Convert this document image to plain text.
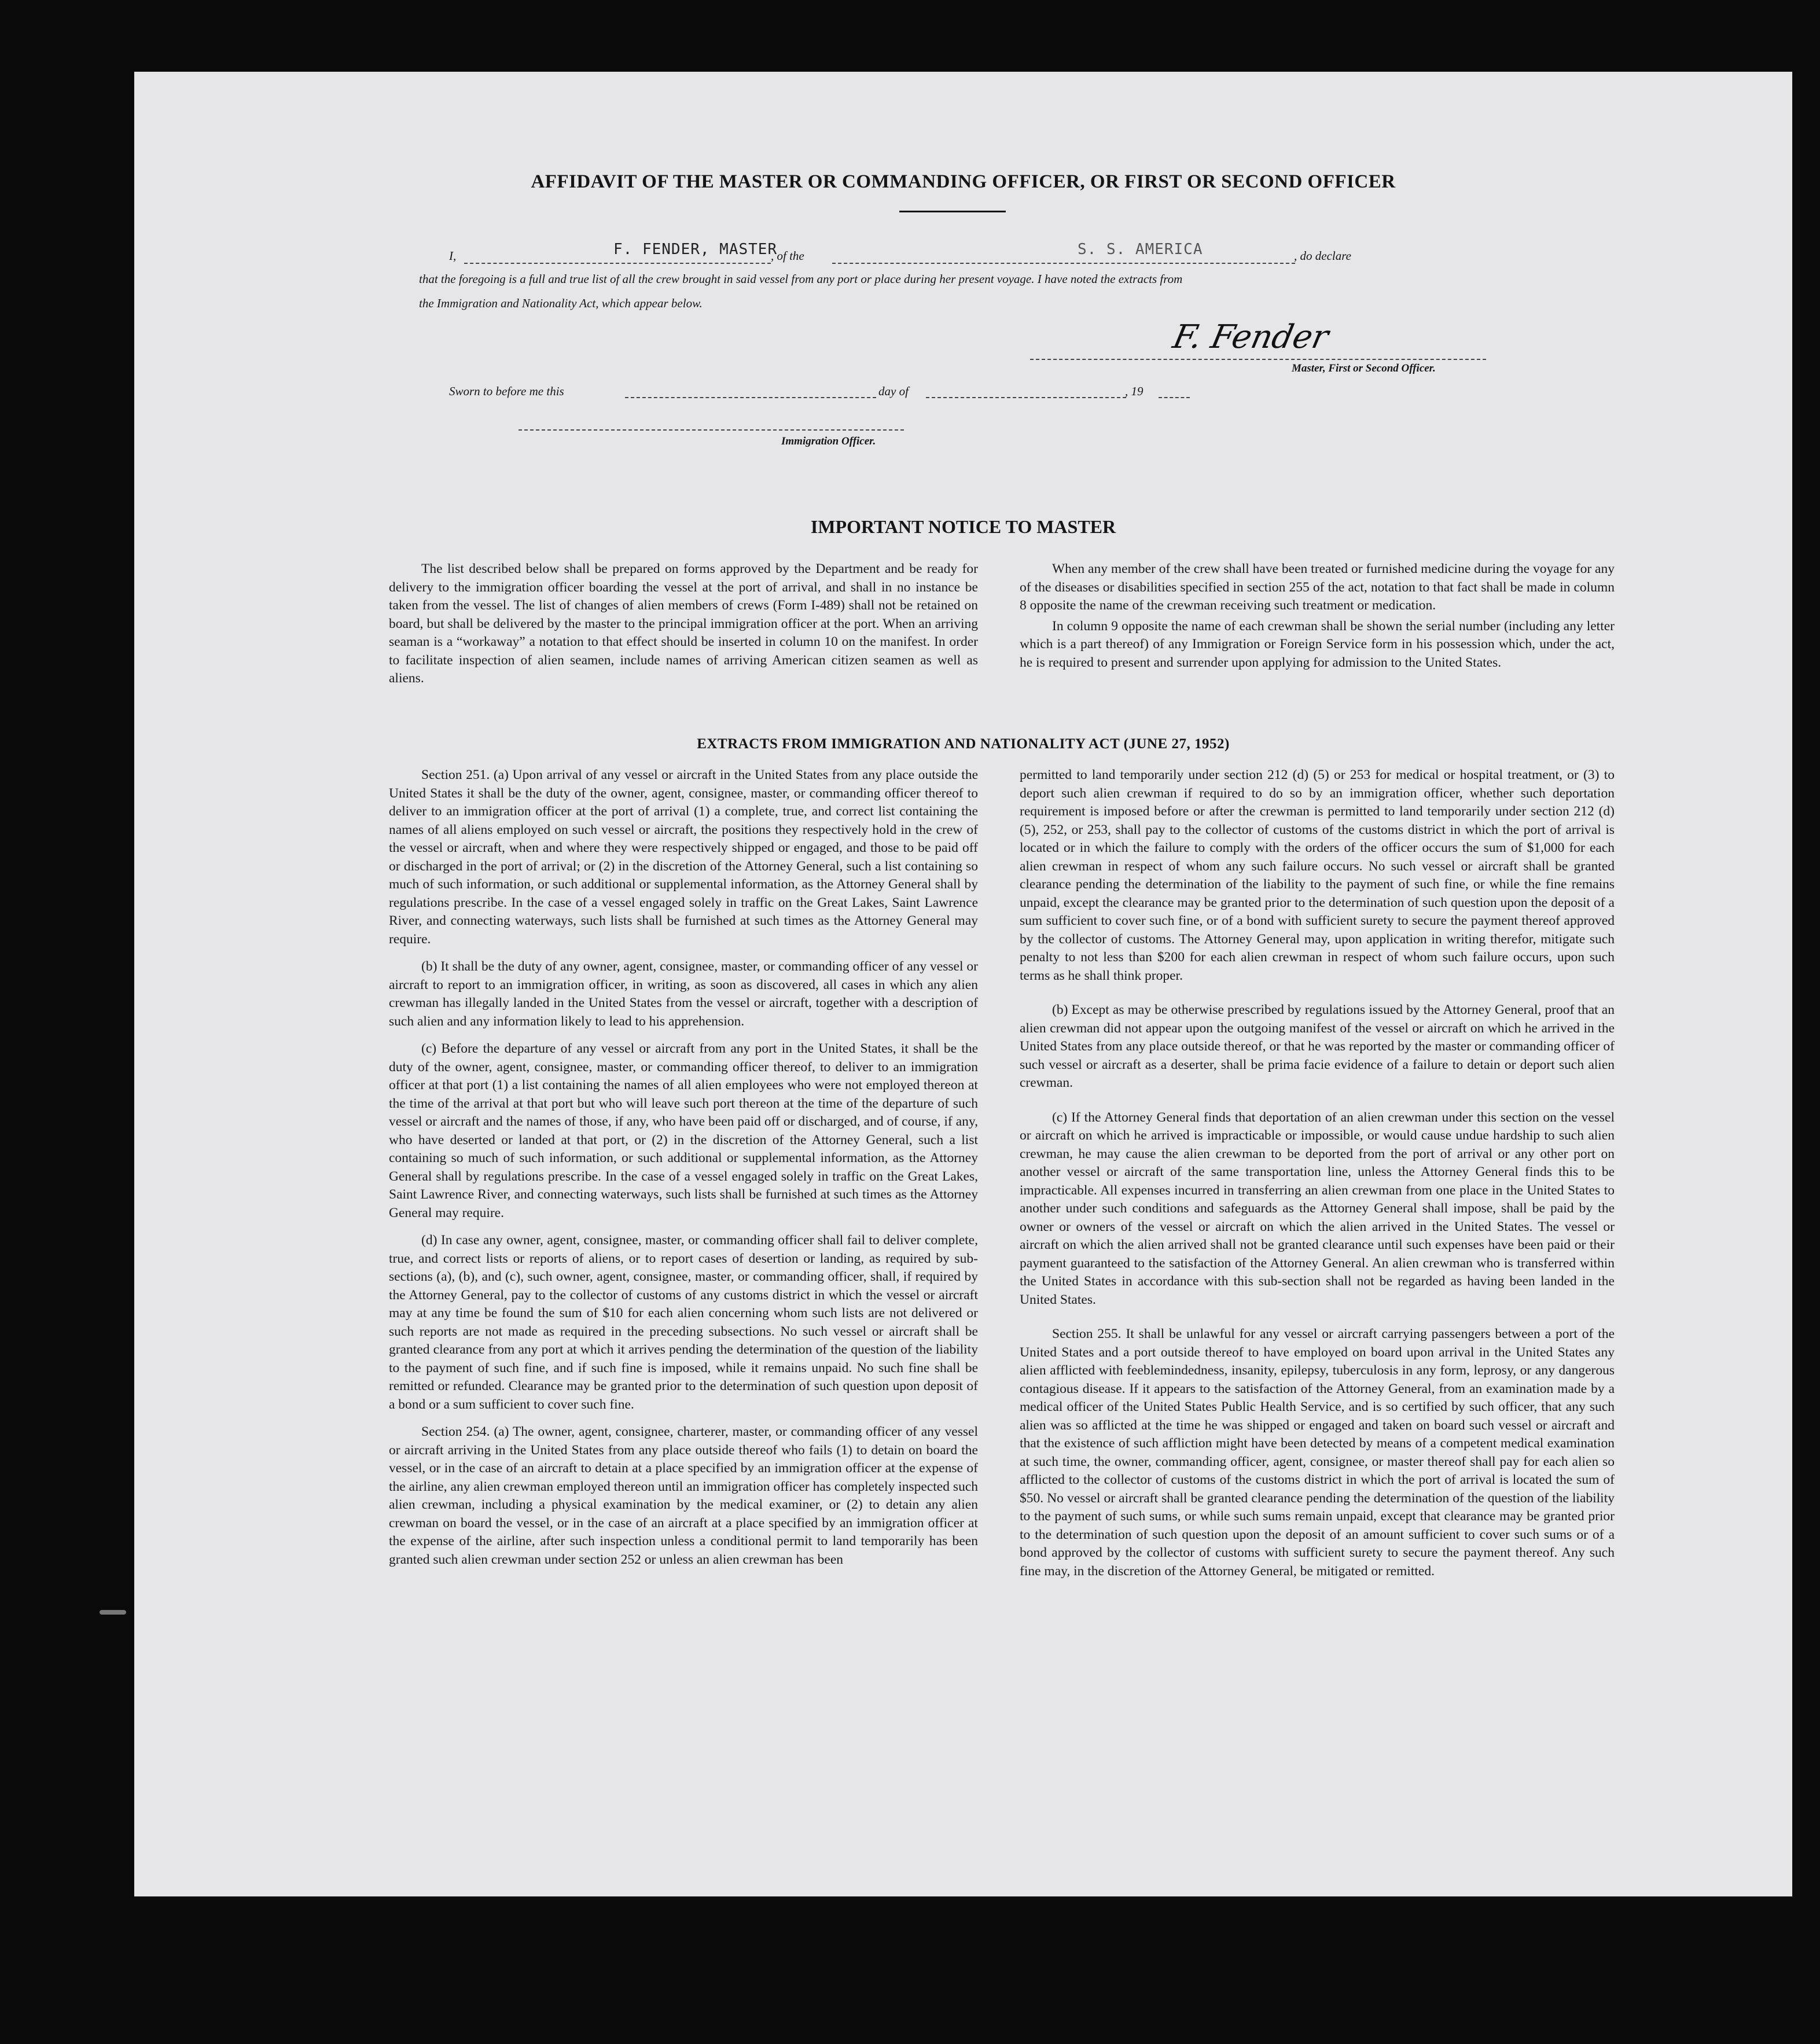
AFFIDAVIT OF THE MASTER OR COMMANDING OFFICER, OR FIRST OR SECOND OFFICER
I,	F. FENDER, MASTER
, of the	S. S. AMERICA	, do declare
that the foregoing is a full and true list of all the crew brought in said vessel from any port or place during her present voyage. I have noted the extracts from
the Immigration and Nationality Act, which appear below.
F. Fender
Master, First or Second Officer.
Sworn to before me this	day of	, 19
Immigration Officer.
IMPORTANT NOTICE TO MASTER

The list described below shall be prepared on forms approved by the Department and be ready for delivery to the immigration officer boarding the vessel at the port of arrival, and shall in no instance be taken from the vessel. The list of changes of alien members of crews (Form I-489) shall not be retained on board, but shall be delivered by the master to the principal immigration officer at the port. When an arriving seaman is a “workaway” a notation to that effect should be inserted in column 10 on the manifest. In order to facilitate inspection of alien seamen, include names of arriving American citizen seamen as well as aliens.

When any member of the crew shall have been treated or furnished medicine during the voyage for any of the diseases or disabilities specified in section 255 of the act, notation to that fact shall be made in column 8 opposite the name of the crewman receiving such treatment or medication.

In column 9 opposite the name of each crewman shall be shown the serial number (including any letter which is a part thereof) of any Immigration or Foreign Service form in his possession which, under the act, he is required to present and surrender upon applying for admission to the United States.

EXTRACTS FROM IMMIGRATION AND NATIONALITY ACT (JUNE 27, 1952)

Section 251. (a) Upon arrival of any vessel or aircraft in the United States from any place outside the United States it shall be the duty of the owner, agent, consignee, master, or commanding officer thereof to deliver to an immigration officer at the port of arrival (1) a complete, true, and correct list containing the names of all aliens employed on such vessel or aircraft, the positions they respectively hold in the crew of the vessel or aircraft, when and where they were respectively shipped or engaged, and those to be paid off or discharged in the port of arrival; or (2) in the discretion of the Attorney General, such a list containing so much of such information, or such additional or supplemental information, as the Attorney General shall by regulations prescribe. In the case of a vessel engaged solely in traffic on the Great Lakes, Saint Lawrence River, and connecting waterways, such lists shall be furnished at such times as the Attorney General may require.

(b) It shall be the duty of any owner, agent, consignee, master, or commanding officer of any vessel or aircraft to report to an immigration officer, in writing, as soon as discovered, all cases in which any alien crewman has illegally landed in the United States from the vessel or aircraft, together with a description of such alien and any information likely to lead to his apprehension.

(c) Before the departure of any vessel or aircraft from any port in the United States, it shall be the duty of the owner, agent, consignee, master, or commanding officer thereof, to deliver to an immigration officer at that port (1) a list containing the names of all alien employees who were not employed thereon at the time of the arrival at that port but who will leave such port thereon at the time of the departure of such vessel or aircraft and the names of those, if any, who have been paid off or discharged, and of course, if any, who have deserted or landed at that port, or (2) in the discretion of the Attorney General, such a list containing so much of such information, or such additional or supplemental information, as the Attorney General shall by regulations prescribe. In the case of a vessel engaged solely in traffic on the Great Lakes, Saint Lawrence River, and connecting waterways, such lists shall be furnished at such times as the Attorney General may require.

(d) In case any owner, agent, consignee, master, or commanding officer shall fail to deliver complete, true, and correct lists or reports of aliens, or to report cases of desertion or landing, as required by sub-sections (a), (b), and (c), such owner, agent, consignee, master, or commanding officer, shall, if required by the Attorney General, pay to the collector of customs of any customs district in which the vessel or aircraft may at any time be found the sum of $10 for each alien concerning whom such lists are not delivered or such reports are not made as required in the preceding subsections. No such vessel or aircraft shall be granted clearance from any port at which it arrives pending the determination of the question of the liability to the payment of such fine, and if such fine is imposed, while it remains unpaid. No such fine shall be remitted or refunded. Clearance may be granted prior to the determination of such question upon deposit of a bond or a sum sufficient to cover such fine.

Section 254. (a) The owner, agent, consignee, charterer, master, or commanding officer of any vessel or aircraft arriving in the United States from any place outside thereof who fails (1) to detain on board the vessel, or in the case of an aircraft to detain at a place specified by an immigration officer at the expense of the airline, any alien crewman employed thereon until an immigration officer has completely inspected such alien crewman, including a physical examination by the medical examiner, or (2) to detain any alien crewman on board the vessel, or in the case of an aircraft at a place specified by an immigration officer at the expense of the airline, after such inspection unless a conditional permit to land temporarily has been granted such alien crewman under section 252 or unless an alien crewman has been

permitted to land temporarily under section 212 (d) (5) or 253 for medical or hospital treatment, or (3) to deport such alien crewman if required to do so by an immigration officer, whether such deportation requirement is imposed before or after the crewman is permitted to land temporarily under section 212 (d) (5), 252, or 253, shall pay to the collector of customs of the customs district in which the port of arrival is located or in which the failure to comply with the orders of the officer occurs the sum of $1,000 for each alien crewman in respect of whom any such failure occurs. No such vessel or aircraft shall be granted clearance pending the determination of the liability to the payment of such fine, or while the fine remains unpaid, except the clearance may be granted prior to the determination of such question upon the deposit of a sum sufficient to cover such fine, or of a bond with sufficient surety to secure the payment thereof approved by the collector of customs. The Attorney General may, upon application in writing therefor, mitigate such penalty to not less than $200 for each alien crewman in respect of whom such failure occurs, upon such terms as he shall think proper.

(b) Except as may be otherwise prescribed by regulations issued by the Attorney General, proof that an alien crewman did not appear upon the outgoing manifest of the vessel or aircraft on which he arrived in the United States from any place outside thereof, or that he was reported by the master or commanding officer of such vessel or aircraft as a deserter, shall be prima facie evidence of a failure to detain or deport such alien crewman.

(c) If the Attorney General finds that deportation of an alien crewman under this section on the vessel or aircraft on which he arrived is impracticable or impossible, or would cause undue hardship to such alien crewman, he may cause the alien crewman to be deported from the port of arrival or any other port on another vessel or aircraft of the same transportation line, unless the Attorney General finds this to be impracticable. All expenses incurred in transferring an alien crewman from one place in the United States to another under such conditions and safeguards as the Attorney General shall impose, shall be paid by the owner or owners of the vessel or aircraft on which the alien arrived in the United States. The vessel or aircraft on which the alien arrived shall not be granted clearance until such expenses have been paid or their payment guaranteed to the satisfaction of the Attorney General. An alien crewman who is transferred within the United States in accordance with this sub-section shall not be regarded as having been landed in the United States.

Section 255. It shall be unlawful for any vessel or aircraft carrying passengers between a port of the United States and a port outside thereof to have employed on board upon arrival in the United States any alien afflicted with feeblemindedness, insanity, epilepsy, tuberculosis in any form, leprosy, or any dangerous contagious disease. If it appears to the satisfaction of the Attorney General, from an examination made by a medical officer of the United States Public Health Service, and is so certified by such officer, that any such alien was so afflicted at the time he was shipped or engaged and taken on board such vessel or aircraft and that the existence of such affliction might have been detected by means of a competent medical examination at such time, the owner, commanding officer, agent, consignee, or master thereof shall pay for each alien so afflicted to the collector of customs of the customs district in which the port of arrival is located the sum of $50. No vessel or aircraft shall be granted clearance pending the determination of the question of the liability to the payment of such sums, or while such sums remain unpaid, except that clearance may be granted prior to the determination of such question upon the deposit of an amount sufficient to cover such sums or of a bond approved by the collector of customs with sufficient surety to secure the payment thereof. Any such fine may, in the discretion of the Attorney General, be mitigated or remitted.
